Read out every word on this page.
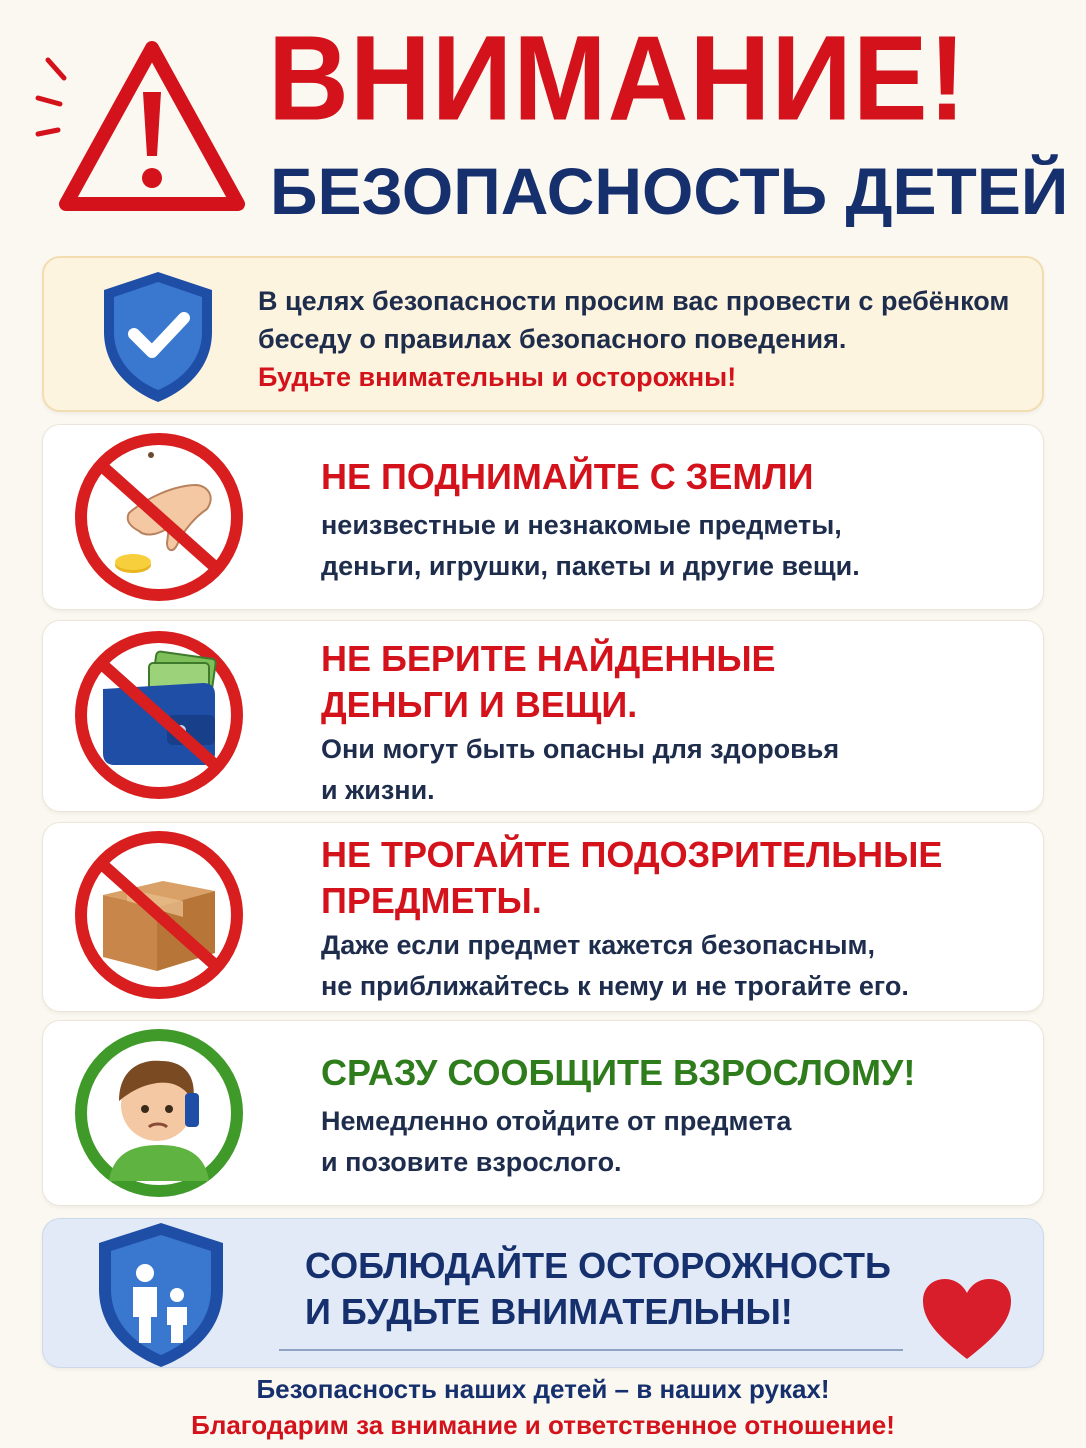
ВНИМАНИЕ!
БЕЗОПАСНОСТЬ ДЕТЕЙ
В целях безопасности просим вас провести с ребёнком
беседу о правилах безопасного поведения.
Будьте внимательны и осторожны!
НЕ ПОДНИМАЙТЕ С ЗЕМЛИ
неизвестные и незнакомые предметы,
деньги, игрушки, пакеты и другие вещи.
НЕ БЕРИТЕ НАЙДЕННЫЕ
ДЕНЬГИ И ВЕЩИ.
Они могут быть опасны для здоровья
и жизни.
НЕ ТРОГАЙТЕ ПОДОЗРИТЕЛЬНЫЕ
ПРЕДМЕТЫ.
Даже если предмет кажется безопасным,
не приближайтесь к нему и не трогайте его.
СРАЗУ СООБЩИТЕ ВЗРОСЛОМУ!
Немедленно отойдите от предмета
и позовите взрослого.
СОБЛЮДАЙТЕ ОСТОРОЖНОСТЬ
И БУДЬТЕ ВНИМАТЕЛЬНЫ!
Безопасность наших детей – в наших руках!
Благодарим за внимание и ответственное отношение!
